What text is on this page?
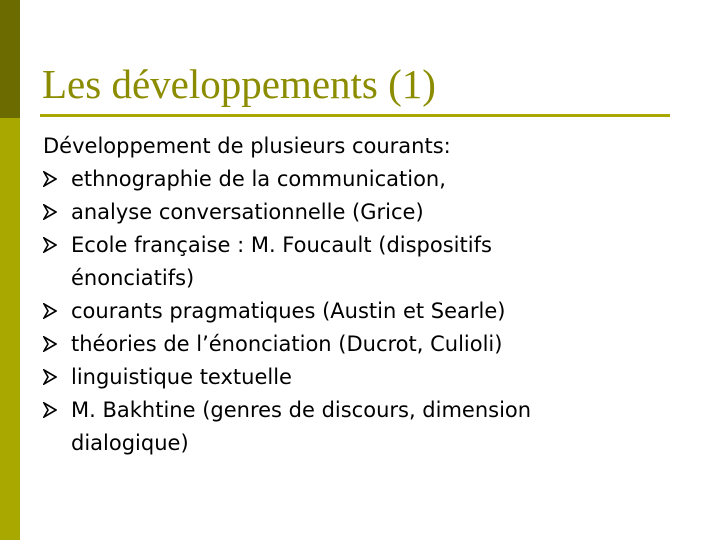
Les développements (1)

Développement de plusieurs courants:

ethnographie de la communication,
analyse conversationnelle (Grice)
Ecole française : M. Foucault (dispositifs
énonciatifs)
courants pragmatiques (Austin et Searle)
théories de l’énonciation (Ducrot, Culioli)
linguistique textuelle
M. Bakhtine (genres de discours, dimension
dialogique)
